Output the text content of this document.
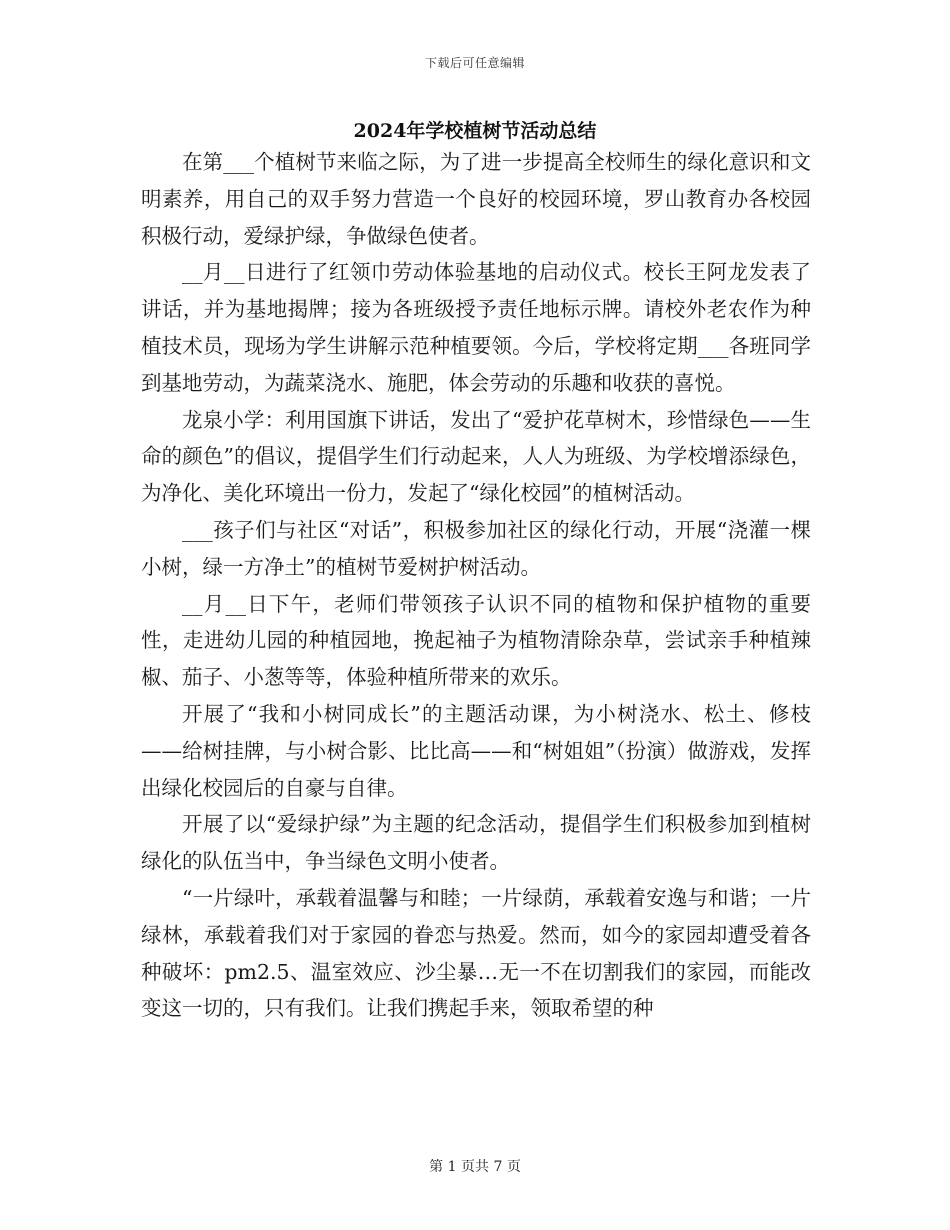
下载后可任意编辑
2024年学校植树节活动总结

在第___个植树节来临之际，为了进一步提高全校师生的绿化意识和文明素养，用自己的双手努力营造一个良好的校园环境，罗山教育办各校园积极行动，爱绿护绿，争做绿色使者。

__月__日进行了红领巾劳动体验基地的启动仪式。校长王阿龙发表了讲话，并为基地揭牌；接为各班级授予责任地标示牌。请校外老农作为种植技术员，现场为学生讲解示范种植要领。今后，学校将定期___各班同学到基地劳动，为蔬菜浇水、施肥，体会劳动的乐趣和收获的喜悦。

龙泉小学：利用国旗下讲话，发出了“爱护花草树木，珍惜绿色——生命的颜色”的倡议，提倡学生们行动起来，人人为班级、为学校增添绿色，为净化、美化环境出一份力，发起了“绿化校园”的植树活动。

___孩子们与社区“对话”，积极参加社区的绿化行动，开展“浇灌一棵小树，绿一方净土”的植树节爱树护树活动。

__月__日下午，老师们带领孩子认识不同的植物和保护植物的重要性，走进幼儿园的种植园地，挽起袖子为植物清除杂草，尝试亲手种植辣椒、茄子、小葱等等，体验种植所带来的欢乐。

开展了“我和小树同成长”的主题活动课，为小树浇水、松土、修枝——给树挂牌，与小树合影、比比高——和“树姐姐”（扮演）做游戏，发挥出绿化校园后的自豪与自律。

开展了以“爱绿护绿”为主题的纪念活动，提倡学生们积极参加到植树绿化的队伍当中，争当绿色文明小使者。

“一片绿叶，承载着温馨与和睦；一片绿荫，承载着安逸与和谐；一片绿林，承载着我们对于家园的眷恋与热爱。然而，如今的家园却遭受着各种破坏：pm2.5、温室效应、沙尘暴…无一不在切割我们的家园，而能改变这一切的，只有我们。让我们携起手来，领取希望的种

第 1 页共 7 页
